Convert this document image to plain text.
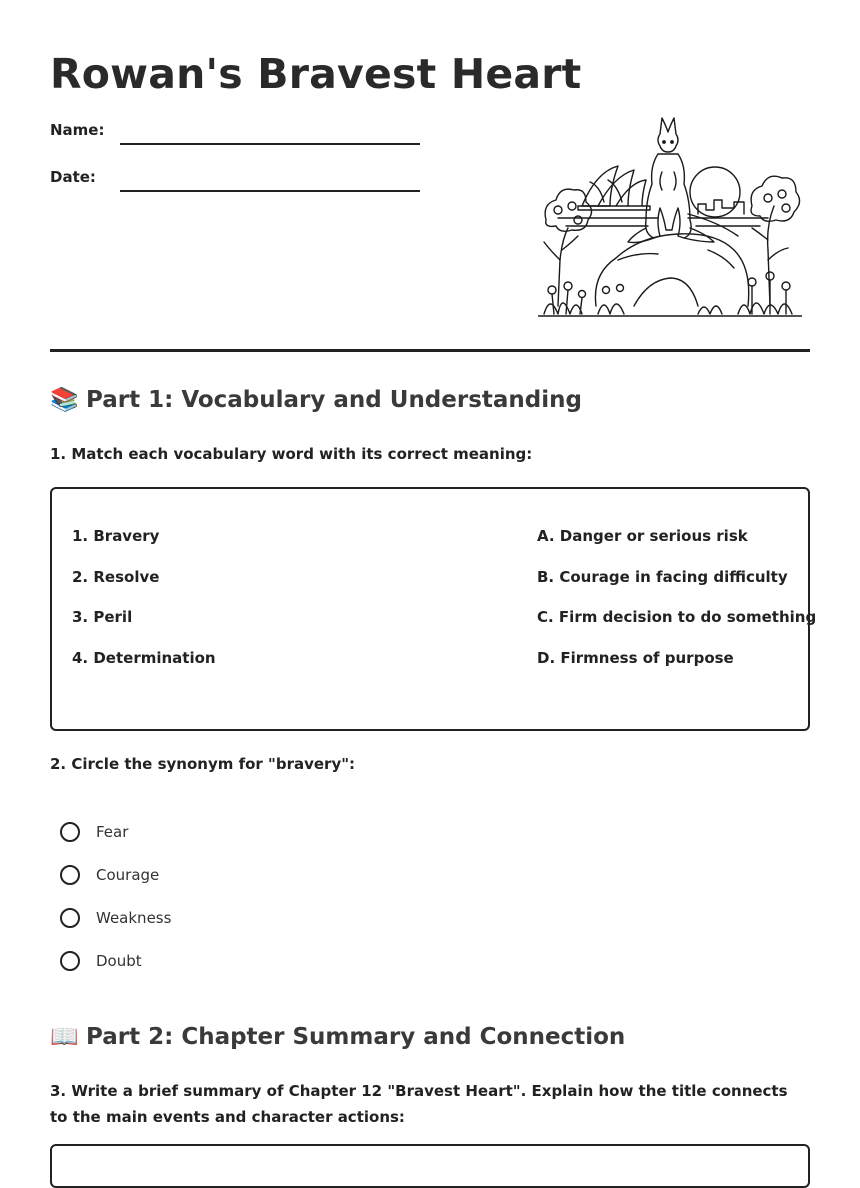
Rowan's Bravest Heart
Name:
Date:
📚 Part 1: Vocabulary and Understanding

1. Match each vocabulary word with its correct meaning:

1. Bravery
2. Resolve
3. Peril
4. Determination
A. Danger or serious risk
B. Courage in facing difficulty
C. Firm decision to do something
D. Firmness of purpose

2. Circle the synonym for "bravery":

Fear
Courage
Weakness
Doubt
📖 Part 2: Chapter Summary and Connection

3. Write a brief summary of Chapter 12 "Bravest Heart". Explain how the title connects to the main events and character actions:
